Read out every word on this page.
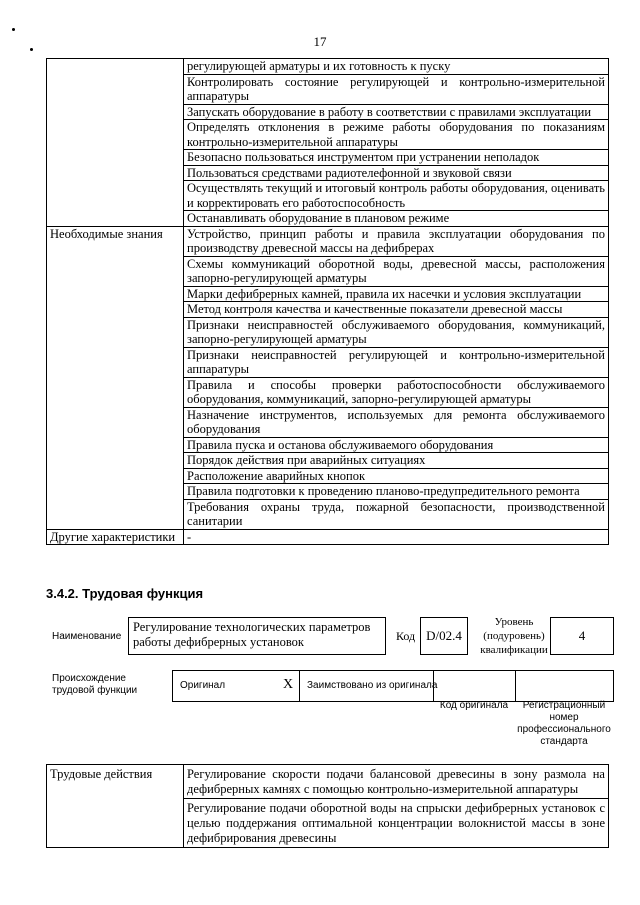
17
	регулирующей арматуры и их готовность к пуску
	Контролировать состояние регулирующей и контрольно-измерительной аппаратуры
	Запускать оборудование в работу в соответствии с правилами эксплуатации
	Определять отклонения в режиме работы оборудования по показаниям контрольно-измерительной аппаратуры
	Безопасно пользоваться инструментом при устранении неполадок
	Пользоваться средствами радиотелефонной и звуковой связи
	Осуществлять текущий и итоговый контроль работы оборудования, оценивать и корректировать его работоспособность
	Останавливать оборудование в плановом режиме
Необходимые знания	Устройство, принцип работы и правила эксплуатации оборудования по производству древесной массы на дефибрерах
	Схемы коммуникаций оборотной воды, древесной массы, расположения запорно-регулирующей арматуры
	Марки дефибрерных камней, правила их насечки и условия эксплуатации
	Метод контроля качества и качественные показатели древесной массы
	Признаки неисправностей обслуживаемого оборудования, коммуникаций, запорно-регулирующей арматуры
	Признаки неисправностей регулирующей и контрольно-измерительной аппаратуры
	Правила и способы проверки работоспособности обслуживаемого оборудования, коммуникаций, запорно-регулирующей арматуры
	Назначение инструментов, используемых для ремонта обслуживаемого оборудования
	Правила пуска и останова обслуживаемого оборудования
	Порядок действия при аварийных ситуациях
	Расположение аварийных кнопок
	Правила подготовки к проведению планово-предупредительного ремонта
	Требования охраны труда, пожарной безопасности, производственной санитарии
Другие характеристики	-
3.4.2. Трудовая функция
Наименование
Регулирование технологических параметров работы дефибрерных установок	Код D/02.4
Уровень (подуровень) квалификации
4
Происхождение трудовой функции	Оригинал	X Заимствовано из оригинала
Код оригинала	Регистрационный номер профессионального стандарта
Трудовые действия	Регулирование скорости подачи балансовой древесины в зону размола на дефибрерных камнях с помощью контрольно-измерительной аппаратуры
Регулирование подачи оборотной воды на спрыски дефибрерных установок с целью поддержания оптимальной концентрации волокнистой массы в зоне дефибрирования древесины
